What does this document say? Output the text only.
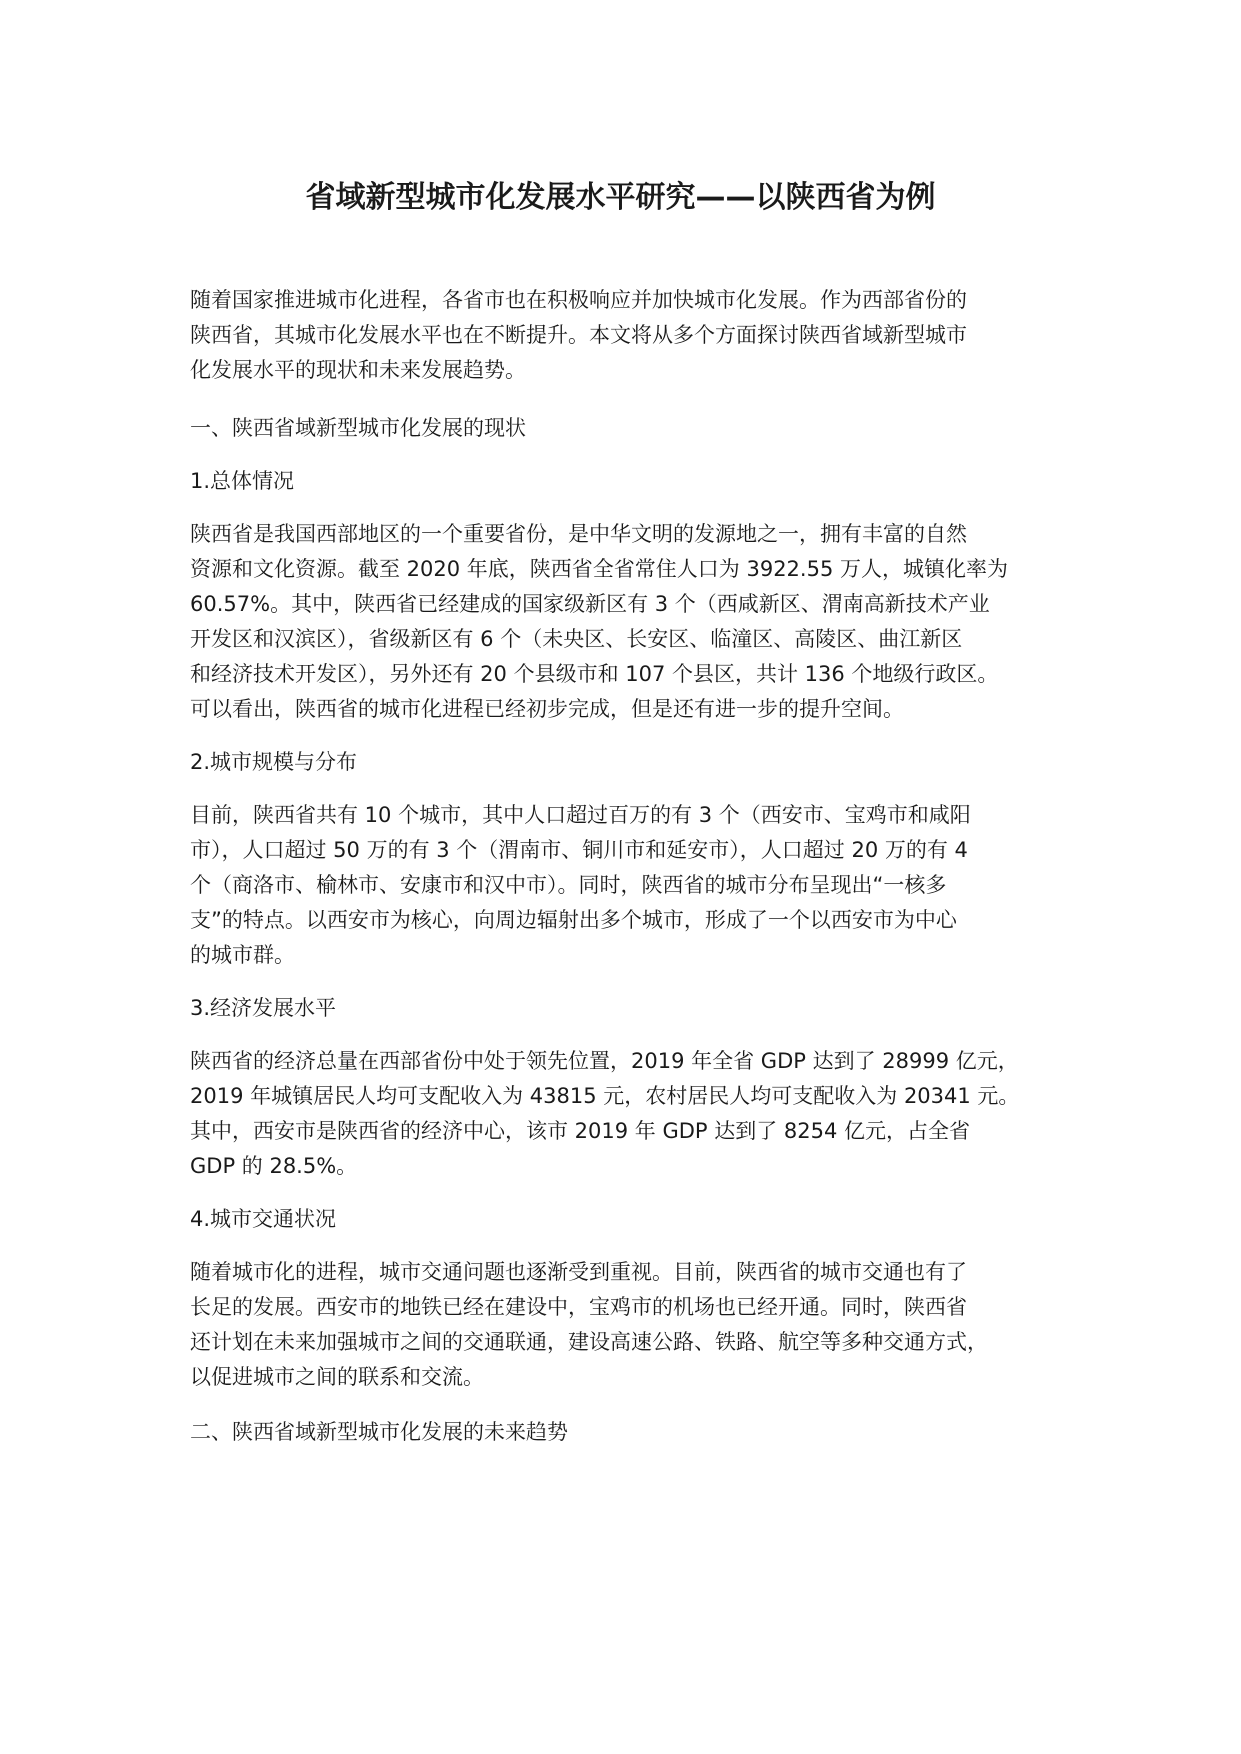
省域新型城市化发展水平研究——以陕西省为例

随着国家推进城市化进程，各省市也在积极响应并加快城市化发展。作为西部省份的
陕西省，其城市化发展水平也在不断提升。本文将从多个方面探讨陕西省域新型城市
化发展水平的现状和未来发展趋势。

一、陕西省域新型城市化发展的现状

1.总体情况

陕西省是我国西部地区的一个重要省份，是中华文明的发源地之一，拥有丰富的自然
资源和文化资源。截至 2020 年底，陕西省全省常住人口为 3922.55 万人，城镇化率为
60.57%。其中，陕西省已经建成的国家级新区有 3 个（西咸新区、渭南高新技术产业
开发区和汉滨区），省级新区有 6 个（未央区、长安区、临潼区、高陵区、曲江新区
和经济技术开发区），另外还有 20 个县级市和 107 个县区，共计 136 个地级行政区。
可以看出，陕西省的城市化进程已经初步完成，但是还有进一步的提升空间。

2.城市规模与分布

目前，陕西省共有 10 个城市，其中人口超过百万的有 3 个（西安市、宝鸡市和咸阳
市），人口超过 50 万的有 3 个（渭南市、铜川市和延安市），人口超过 20 万的有 4
个（商洛市、榆林市、安康市和汉中市）。同时，陕西省的城市分布呈现出“一核多
支”的特点。以西安市为核心，向周边辐射出多个城市，形成了一个以西安市为中心
的城市群。

3.经济发展水平

陕西省的经济总量在西部省份中处于领先位置，2019 年全省 GDP 达到了 28999 亿元，
2019 年城镇居民人均可支配收入为 43815 元，农村居民人均可支配收入为 20341 元。
其中，西安市是陕西省的经济中心，该市 2019 年 GDP 达到了 8254 亿元，占全省
GDP 的 28.5%。

4.城市交通状况

随着城市化的进程，城市交通问题也逐渐受到重视。目前，陕西省的城市交通也有了
长足的发展。西安市的地铁已经在建设中，宝鸡市的机场也已经开通。同时，陕西省
还计划在未来加强城市之间的交通联通，建设高速公路、铁路、航空等多种交通方式，
以促进城市之间的联系和交流。

二、陕西省域新型城市化发展的未来趋势
